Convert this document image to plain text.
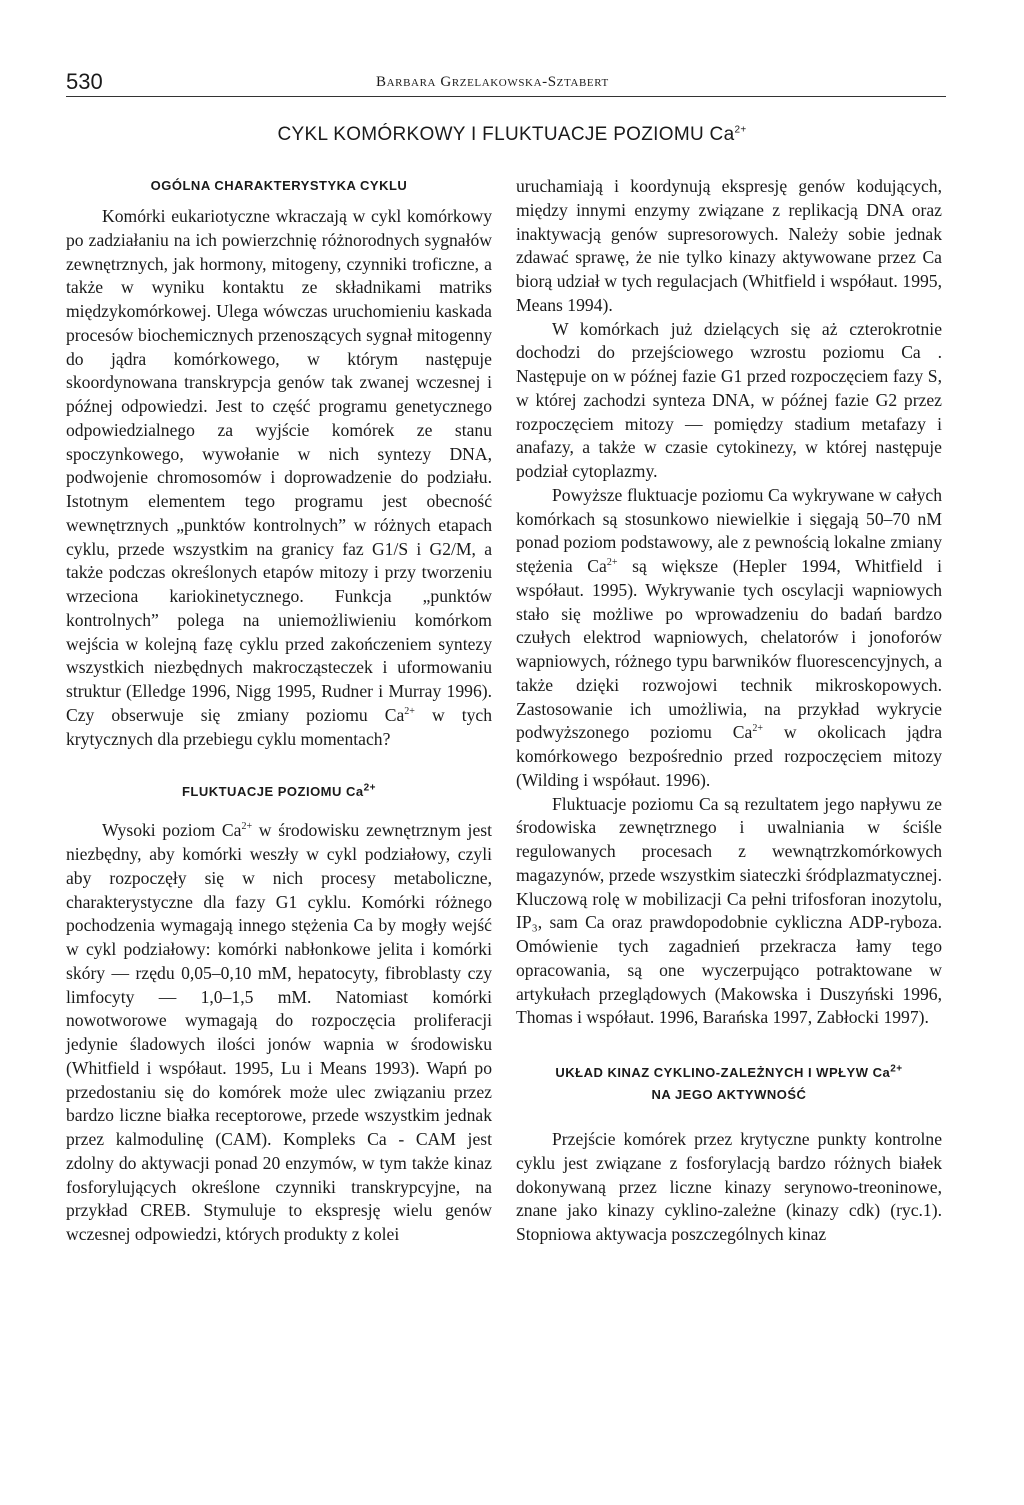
530	Barbara Grzelakowska-Sztabert
CYKL KOMÓRKOWY I FLUKTUACJE POZIOMU $Ca^{2+}$
OGÓLNA CHARAKTERYSTYKA CYKLU

Komórki eukariotyczne wkraczają w cykl komórkowy po zadziałaniu na ich powierzchnię różnorodnych sygnałów zewnętrznych, jak hormony, mitogeny, czynniki troficzne, a także w wyniku kontaktu ze składnikami matriks międzykomórkowej. Ulega wówczas uruchomieniu kaskada procesów biochemicznych przenoszących sygnał mitogenny do jądra komórkowego, w którym następuje skoordynowana transkrypcja genów tak zwanej wczesnej i późnej odpowiedzi. Jest to część programu genetycznego odpowiedzialnego za wyjście komórek ze stanu spoczynkowego, wywołanie w nich syntezy DNA, podwojenie chromosomów i doprowadzenie do podziału. Istotnym elementem tego programu jest obecność wewnętrznych „punktów kontrolnych” w różnych etapach cyklu, przede wszystkim na granicy faz G1/S i G2/M, a także podczas określonych etapów mitozy i przy tworzeniu wrzeciona kariokinetycznego. Funkcja „punktów kontrolnych” polega na uniemożliwieniu komórkom wejścia w kolejną fazę cyklu przed zakończeniem syntezy wszystkich niezbędnych makrocząsteczek i uformowaniu struktur (Elledge 1996, Nigg 1995, Rudner i Murray 1996). Czy obserwuje się zmiany poziomu $Ca^{2+}$ w tych krytycznych dla przebiegu cyklu momentach?

FLUKTUACJE POZIOMU $Ca^{2+}$

Wysoki poziom $Ca^{2+}$ w środowisku zewnętrznym jest niezbędny, aby komórki weszły w cykl podziałowy, czyli aby rozpoczęły się w nich procesy metaboliczne, charakterystyczne dla fazy G1 cyklu. Komórki różnego pochodzenia wymagają innego stężenia Ca by mogły wejść w cykl podziałowy: komórki nabłonkowe jelita i komórki skóry — rzędu 0,05–0,10 mM, hepatocyty, fibroblasty czy limfocyty — 1,0–1,5 mM. Natomiast komórki nowotworowe wymagają do rozpoczęcia proliferacji jedynie śladowych ilości jonów wapnia w środowisku (Whitfield i współaut. 1995, Lu i Means 1993). Wapń po przedostaniu się do komórek może ulec związaniu przez bardzo liczne białka receptorowe, przede wszystkim jednak przez kalmodulinę (CAM). Kompleks Ca - CAM jest zdolny do aktywacji ponad 20 enzymów, w tym także kinaz fosforylujących określone czynniki transkrypcyjne, na przykład CREB. Stymuluje to ekspresję wielu genów wczesnej odpowiedzi, których produkty z kolei

uruchamiają i koordynują ekspresję genów kodujących, między innymi enzymy związane z replikacją DNA oraz inaktywacją genów supresorowych. Należy sobie jednak zdawać sprawę, że nie tylko kinazy aktywowane przez Ca biorą udział w tych regulacjach (Whitfield i współaut. 1995, Means 1994).

W komórkach już dzielących się aż czterokrotnie dochodzi do przejściowego wzrostu poziomu Ca . Następuje on w późnej fazie G1 przed rozpoczęciem fazy S, w której zachodzi synteza DNA, w późnej fazie G2 przez rozpoczęciem mitozy — pomiędzy stadium metafazy i anafazy, a także w czasie cytokinezy, w której następuje podział cytoplazmy.

Powyższe fluktuacje poziomu Ca wykrywane w całych komórkach są stosunkowo niewielkie i sięgają 50–70 nM ponad poziom podstawowy, ale z pewnością lokalne zmiany stężenia $Ca^{2+}$ są większe (Hepler 1994, Whitfield i współaut. 1995). Wykrywanie tych oscylacji wapniowych stało się możliwe po wprowadzeniu do badań bardzo czułych elektrod wapniowych, chelatorów i jonoforów wapniowych, różnego typu barwników fluorescencyjnych, a także dzięki rozwojowi technik mikroskopowych. Zastosowanie ich umożliwia, na przykład wykrycie podwyższonego poziomu $Ca^{2+}$ w okolicach jądra komórkowego bezpośrednio przed rozpoczęciem mitozy (Wilding i współaut. 1996).

Fluktuacje poziomu Ca są rezultatem jego napływu ze środowiska zewnętrznego i uwalniania w ściśle regulowanych procesach z wewnątrzkomórkowych magazynów, przede wszystkim siateczki śródplazmatycznej. Kluczową rolę w mobilizacji Ca pełni trifosforan inozytolu, IP₃, sam Ca oraz prawdopodobnie cykliczna ADP-ryboza. Omówienie tych zagadnień przekracza łamy tego opracowania, są one wyczerpująco potraktowane w artykułach przeglądowych (Makowska i Duszyński 1996, Thomas i współaut. 1996, Barańska 1997, Zabłocki 1997).

UKŁAD KINAZ CYKLINO-ZALEŻNYCH I WPŁYW $Ca^{2+}$
NA JEGO AKTYWNOŚĆ

Przejście komórek przez krytyczne punkty kontrolne cyklu jest związane z fosforylacją bardzo różnych białek dokonywaną przez liczne kinazy serynowo-treoninowe, znane jako kinazy cyklino-zależne (kinazy cdk) (ryc.1). Stopniowa aktywacja poszczególnych kinaz
